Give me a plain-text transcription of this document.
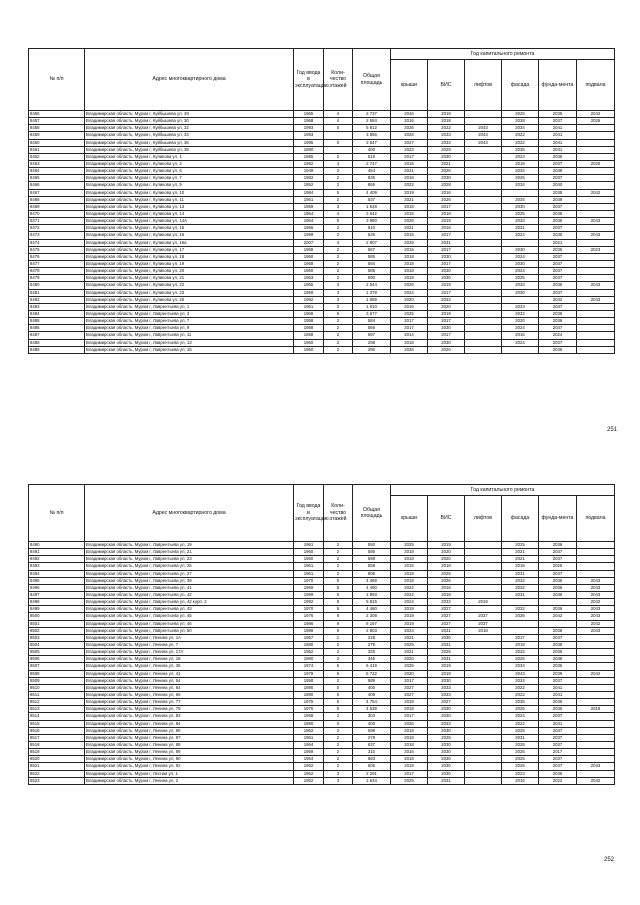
№ п/п	Адрес многоквартирного дома	Год ввода в эксплуатацию	Коли-чество этажей	Общая площадь	Год капитального ремонта					
					крыши	ВИС	лифтов	фасада	фунда-мента	подвала
8456	Владимирская область, Муром г, Куйбышева ул, 28	1965	4	2 737	2016	2018		2025	2035	2042
8457	Владимирская область, Муром г, Куйбышева ул, 30	1968	4	2 594	2016	2018		2028	2037	2026
8458	Владимирская область, Муром г, Куйбышева ул, 32	1993	0	5 812	2026	2022	2043	2034	2041	
8459	Владимирская область, Муром г, Куйбышева ул, 34	1993		3 856	2026	2033	2043	2022	2041	
8460	Владимирская область, Муром г, Куйбышева ул, 36	1995	0	3 847	2027	2033	2043	2022	2041	
8461	Владимирская область, Муром г, Куйбышева ул, 38	1890		400	2023	2029		2035	2041	
8462	Владимирская область, Муром г, Куликова ул, 1	1985	2	519	2017	2030		2023	2036	
8463	Владимирская область, Муром г, Куликова ул, 2	1982	4	2 747	2015	2021		2018	2037	2025
8464	Владимирская область, Муром г, Куликова ул, 6	1949	2	454	2021	2026		2034	2039	
8465	Владимирская область, Муром г, Куликова ул, 7	1982	2	835	2018	2030		2025	2037	
8466	Владимирская область, Муром г, Куликова ул, 9	1952	2	865	2022	2028		2034	2040	
8467	Владимирская область, Муром г, Куликова ул, 10	1984	5	4 409	2019	2016			2035	2042
8468	Владимирская область, Муром г, Куликова ул, 11	1951	2	537	2021	2026		2034	2039	
8469	Владимирская область, Муром г, Куликова ул, 13	1959	3	1 628	2018	2017		2030	2037	
8470	Владимирская область, Муром г, Куликова ул, 14	1964	4	3 642	2015	2018		2025	2035	
8471	Владимирская область, Муром г, Куликова ул, 14А	1964	5	3 980	2026	2019		2033	2036	2043
8472	Владимирская область, Муром г, Куликова ул, 15	1966	2	610	2021	2018		2031	2037	
8473	Владимирская область, Муром г, Куликова ул, 16	1959	2	525	2015	2017		2024	2035	2043
8474	Владимирская область, Муром г, Куликова ул, 16а	2007	4	2 807	2025	2031			2021	
8475	Владимирская область, Муром г, Куликова ул, 17	1958	2	567	2015	2017		2030	2036	2023
8476	Владимирская область, Муром г, Куликова ул, 18	1960	2	585	2018	2030		2024	2037	
8477	Владимирская область, Муром г, Куликова ул, 19	1959	2	594	2018	2017		2030	2037	
8478	Владимирская область, Муром г, Куликова ул, 20	1960	2	585	2018	2030		2024	2037	
8479	Владимирская область, Муром г, Куликова ул, 21	1963	2	590	2018	2030		2025	2037	
8480	Владимирская область, Муром г, Куликова ул, 22	1965	4	2 544	2026	2019		2033	2036	2043
8481	Владимирская область, Муром г, Куликова ул, 23	1959	3	1 378	2024	2017		2030	2037	
8482	Владимирская область, Муром г, Куликова ул, 25	1992	3	1 589	2020	2032			2042	2043
8483	Владимирская область, Муром г, Лаврентьева ул, 1	1961	3	1 610	2016	2020		2023	2037	
8484	Владимирская область, Муром г, Лаврентьева ул, 3	1968	5	3 677	2025	2019		2032	2036	
8485	Владимирская область, Муром г, Лаврентьева ул, 7	1958	2	584	2017	2017		2020	2036	
8486	Владимирская область, Муром г, Лаврентьева ул, 9	1958	2	566	2017	2030		2024	2037	
8487	Владимирская область, Муром г, Лаврентьева ул, 11	1958	2	597	2014	2017		2016	2024	
8488	Владимирская область, Муром г, Лаврентьева ул, 13	1960	2	298	2018	2030		2024	2037	
8489	Владимирская область, Муром г, Лаврентьева ул, 15	1960	2	290	2026	2020			2036	
251
№ п/п	Адрес многоквартирного дома	Год ввода в эксплуатацию	Коли-чество этажей	Общая площадь	Год капитального ремонта					
					крыши	ВИС	лифтов	фасада	фунда-мента	подвала
8490	Владимирская область, Муром г, Лаврентьева ул, 19	1961	2	550	2025	2019		2025	2036	
8491	Владимирская область, Муром г, Лаврентьева ул, 21	1960	2	586	2018	2020		2021	2037	
8492	Владимирская область, Муром г, Лаврентьева ул, 23	1960	2	598	2018	2020		2021	2037	
8493	Владимирская область, Муром г, Лаврентьева ул, 25	1961	2	558	2015	2018		2018	2025	
8494	Владимирская область, Муром г, Лаврентьева ул, 27	1961	2	806	2018	2025		2031	2037	
8495	Владимирская область, Муром г, Лаврентьева ул, 39	1970	5	4 469	2018	2026		2032	2036	2043
8496	Владимирская область, Муром г, Лаврентьева ул, 41	1969	5	4 490	2022	2018		2032	2036	2043
8497	Владимирская область, Муром г, Лаврентьева ул, 42	1959	5	1 893	2022	2018		2031	2036	2043
8498	Владимирская область, Муром г, Лаврентьева ул, 42 корп. 2	1992	9	5 915	2024	2032	2019			2042
8499	Владимирская область, Муром г, Лаврентьева ул, 43	1970	5	4 460	2019	2027		2032	2036	2043
8500	Владимирская область, Муром г, Лаврентьева ул, 45	1976	9	2 308	2019	2027	2037	2036	2042	2043
8501	Владимирская область, Муром г, Лаврентьева ул, 46	1986	9	8 167	2019	2027	2037			2042
8502	Владимирская область, Муром г, Лаврентьева ул, 50	1989	9	2 803	2024	2031	2018		2038	2043
8503	Владимирская область, Муром г, Ленина ул, 1А	1957	1	228	2021	2030		2017	2037	
8504	Владимирская область, Муром г, Ленина ул, 7	1880	2	279	2025	2031		2019	2038	
8505	Владимирская область, Муром г, Ленина ул, 17А	1952	2	325	2021	2026		2034	2039	
8506	Владимирская область, Муром г, Ленина ул, 18	1890	2	346	2020	2031		2026	2038	
8507	Владимирская область, Муром г, Ленина ул, 36	1974	5	6 419	2025	2019		2034	2036	
8508	Владимирская область, Муром г, Ленина ул, 41	1979	5	5 722	2020	2018		2043	2039	2042
8509	Владимирская область, Муром г, Ленина ул, 54	1958	2	589	2017	2030		2024	2037	
8510	Владимирская область, Муром г, Ленина ул, 64	1890	0	400	2027	2033		2022	2041	
8511	Владимирская область, Муром г, Ленина ул, 66	1890	0	409	2027	2033		2022	2041	
8512	Владимирская область, Муром г, Ленина ул, 77	1975	5	4 754	2019	2027		2035	2036	
8513	Владимирская область, Муром г, Ленина ул, 79	1976	5	4 539	2018	2030		2026	2035	2019
8514	Владимирская область, Муром г, Ленина ул, 83	1958	2	303	2017	2030		2024	2037	
8515	Владимирская область, Муром г, Ленина ул, 84	1890	0	400	2026	2033		2022	2041	
8516	Владимирская область, Муром г, Ленина ул, 86	1962	2	598	2018	2030		2025	2037	
8517	Владимирская область, Муром г, Ленина ул, 87	1961	2	278	2018	2025		2031	2037	
8518	Владимирская область, Муром г, Ленина ул, 88	1964	2	637	2018	2030		2025	2037	
8519	Владимирская область, Муром г, Ленина ул, 89	1959	2	310	2016	2030		2026	2017	
8520	Владимирская область, Муром г, Ленина ул, 90	1964	2	683	2018	2030		2025	2037	
8521	Владимирская область, Муром г, Ленина ул, 92	1962	2	606	2018	2030		2026	2037	2043
8522	Владимирская область, Муром г, Лесная ул, 1	1952	3	2 291	2017	2030		2023	2036	
8523	Владимирская область, Муром г, Ленина ул, 2	1952	3	1 634	2025	2031		2016	2022	2042
252
